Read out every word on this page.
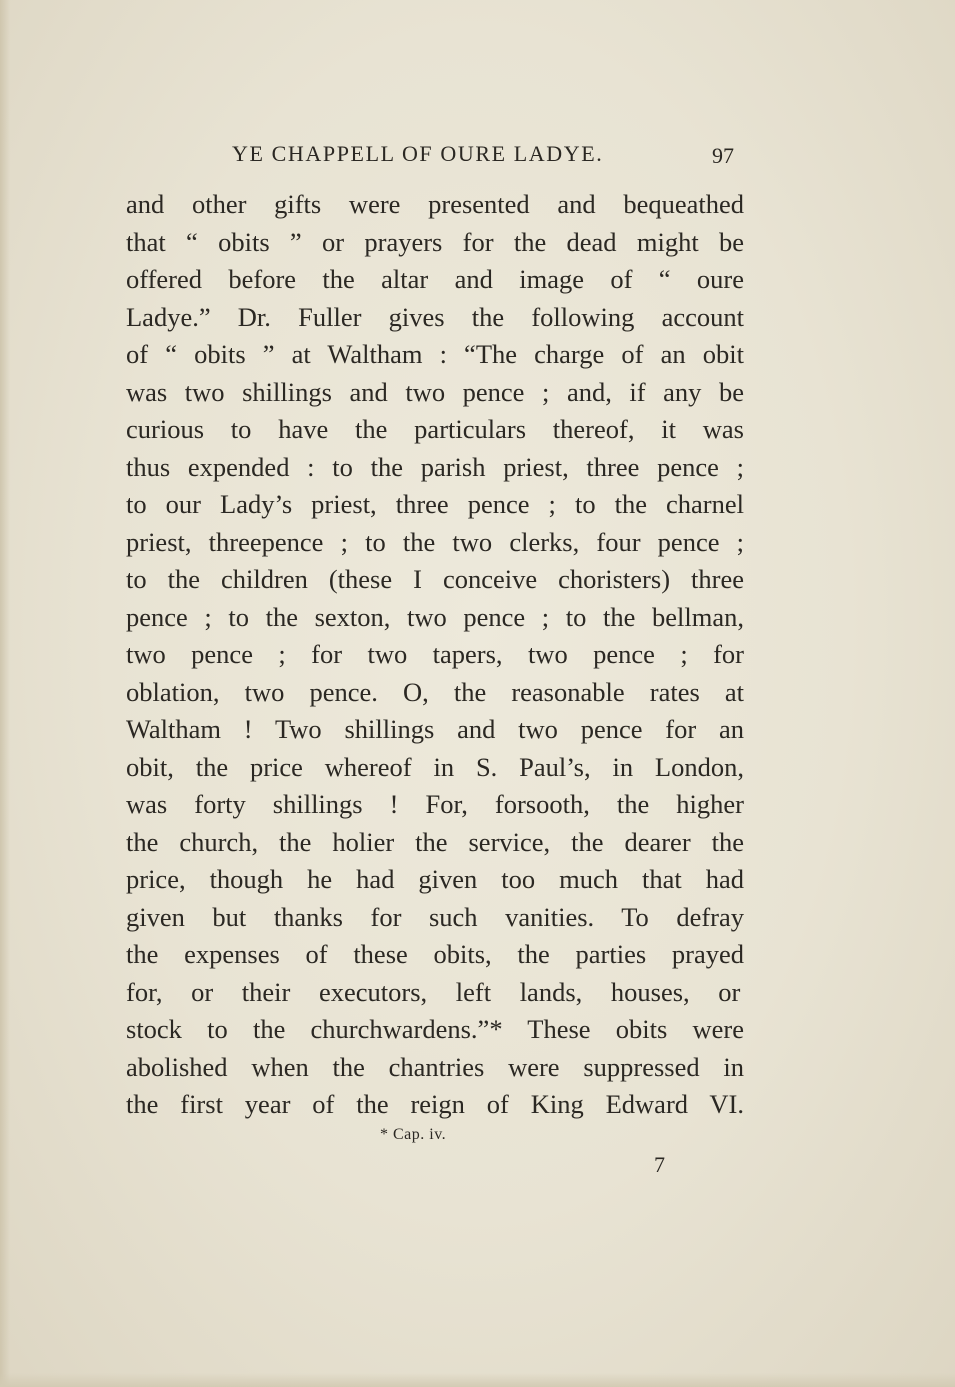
YE CHAPPELL OF OURE LADYE.	97
and other gifts were presented and bequeathed
that “ obits ” or prayers for the dead might be
offered before the altar and image of “ oure
Ladye.” Dr. Fuller gives the following account
of “ obits ” at Waltham : “The charge of an obit
was two shillings and two pence ; and, if any be
curious to have the particulars thereof, it was
thus expended : to the parish priest, three pence ;
to our Lady’s priest, three pence ; to the charnel
priest, threepence ; to the two clerks, four pence ;
to the children (these I conceive choristers) three
pence ; to the sexton, two pence ; to the bellman,
two pence ; for two tapers, two pence ; for
oblation, two pence. O, the reasonable rates at
Waltham ! Two shillings and two pence for an
obit, the price whereof in S. Paul’s, in London,
was forty shillings ! For, forsooth, the higher
the church, the holier the service, the dearer the
price, though he had given too much that had
given but thanks for such vanities. To defray
the expenses of these obits, the parties prayed
for, or their executors, left lands, houses, or
stock to the churchwardens.”* These obits were
abolished when the chantries were suppressed in
the first year of the reign of King Edward VI.
* Cap. iv.
7
